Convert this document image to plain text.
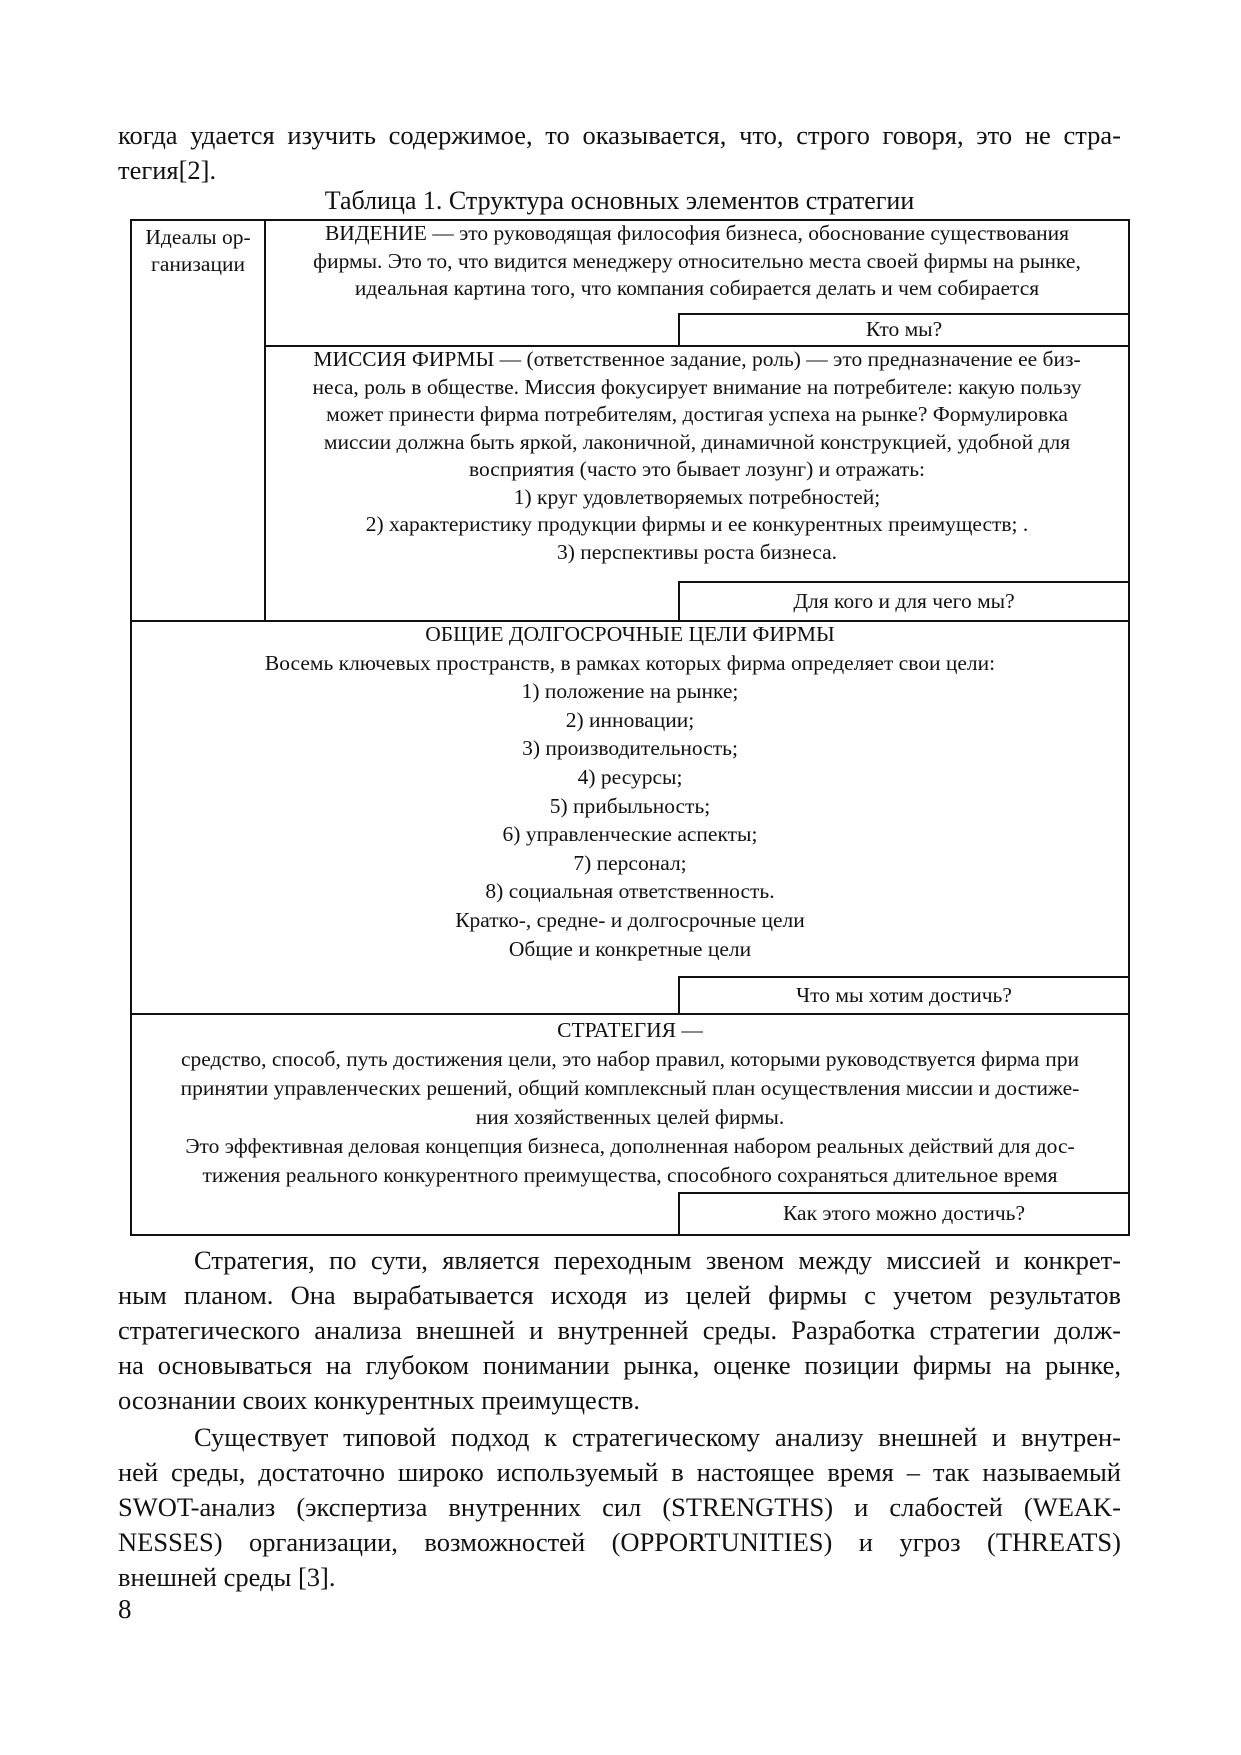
когда удается изучить содержимое, то оказывается, что, строго говоря, это не стра-
тегия[2].
Таблица 1. Структура основных элементов стратегии
Идеалы ор-
ганизации
ВИДЕНИЕ — это руководящая философия бизнеса, обоснование существования
фирмы. Это то, что видится менеджеру относительно места своей фирмы на рынке,
идеальная картина того, что компания собирается делать и чем собирается
Кто мы?
МИССИЯ ФИРМЫ — (ответственное задание, роль) — это предназначение ее биз-
неса, роль в обществе. Миссия фокусирует внимание на потребителе: какую пользу
может принести фирма потребителям, достигая успеха на рынке? Формулировка
миссии должна быть яркой, лаконичной, динамичной конструкцией, удобной для
восприятия (часто это бывает лозунг) и отражать:
1) круг удовлетворяемых потребностей;
2) характеристику продукции фирмы и ее конкурентных преимуществ; .
3) перспективы роста бизнеса.
Для кого и для чего мы?
ОБЩИЕ ДОЛГОСРОЧНЫЕ ЦЕЛИ ФИРМЫ
Восемь ключевых пространств, в рамках которых фирма определяет свои цели:
1) положение на рынке;
2) инновации;
3) производительность;
4) ресурсы;
5) прибыльность;
6) управленческие аспекты;
7) персонал;
8) социальная ответственность.
Кратко-, средне- и долгосрочные цели
Общие и конкретные цели
Что мы хотим достичь?
СТРАТЕГИЯ —
средство, способ, путь достижения цели, это набор правил, которыми руководствуется фирма при
принятии управленческих решений, общий комплексный план осуществления миссии и достиже-
ния хозяйственных целей фирмы.
Это эффективная деловая концепция бизнеса, дополненная набором реальных действий для дос-
тижения реального конкурентного преимущества, способного сохраняться длительное время
Как этого можно достичь?
Стратегия, по сути, является переходным звеном между миссией и конкрет-
ным планом. Она вырабатывается исходя из целей фирмы с учетом результатов
стратегического анализа внешней и внутренней среды. Разработка стратегии долж-
на основываться на глубоком понимании рынка, оценке позиции фирмы на рынке,
осознании своих конкурентных преимуществ.
Существует типовой подход к стратегическому анализу внешней и внутрен-
ней среды, достаточно широко используемый в настоящее время – так называемый
SWOT-анализ (экспертиза внутренних сил (STRENGTHS) и слабостей (WEAK-
NESSES) организации, возможностей (OPPORTUNITIES) и угроз (THREATS)
внешней среды [3].
8
